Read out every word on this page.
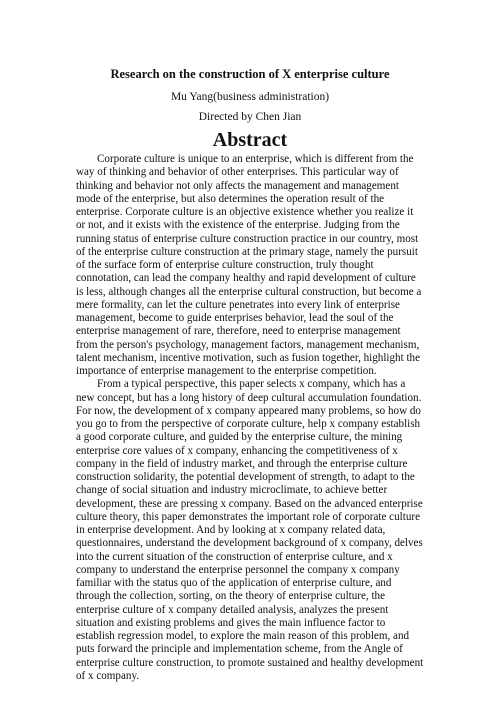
Research on the construction of X enterprise culture
Mu Yang(business administration)
Directed by Chen Jian
Abstract

Corporate culture is unique to an enterprise, which is different from the way of thinking and behavior of other enterprises. This particular way of thinking and behavior not only affects the management and management mode of the enterprise, but also determines the operation result of the enterprise. Corporate culture is an objective existence whether you realize it or not, and it exists with the existence of the enterprise. Judging from the running status of enterprise culture construction practice in our country, most of the enterprise culture construction at the primary stage, namely the pursuit of the surface form of enterprise culture construction, truly thought connotation, can lead the company healthy and rapid development of culture is less, although changes all the enterprise cultural construction, but become a mere formality, can let the culture penetrates into every link of enterprise management, become to guide enterprises behavior, lead the soul of the enterprise management of rare, therefore, need to enterprise management from the person's psychology, management factors, management mechanism, talent mechanism, incentive motivation, such as fusion together, highlight the importance of enterprise management to the enterprise competition.

From a typical perspective, this paper selects x company, which has a new concept, but has a long history of deep cultural accumulation foundation. For now, the development of x company appeared many problems, so how do you go to from the perspective of corporate culture, help x company establish a good corporate culture, and guided by the enterprise culture, the mining enterprise core values of x company, enhancing the competitiveness of x company in the field of industry market, and through the enterprise culture construction solidarity, the potential development of strength, to adapt to the change of social situation and industry microclimate, to achieve better development, these are pressing x company. Based on the advanced enterprise culture theory, this paper demonstrates the important role of corporate culture in enterprise development. And by looking at x company related data, questionnaires, understand the development background of x company, delves into the current situation of the construction of enterprise culture, and x company to understand the enterprise personnel the company x company familiar with the status quo of the application of enterprise culture, and through the collection, sorting, on the theory of enterprise culture, the enterprise culture of x company detailed analysis, analyzes the present situation and existing problems and gives the main influence factor to establish regression model, to explore the main reason of this problem, and puts forward the principle and implementation scheme, from the Angle of enterprise culture construction, to promote sustained and healthy development of x company.
